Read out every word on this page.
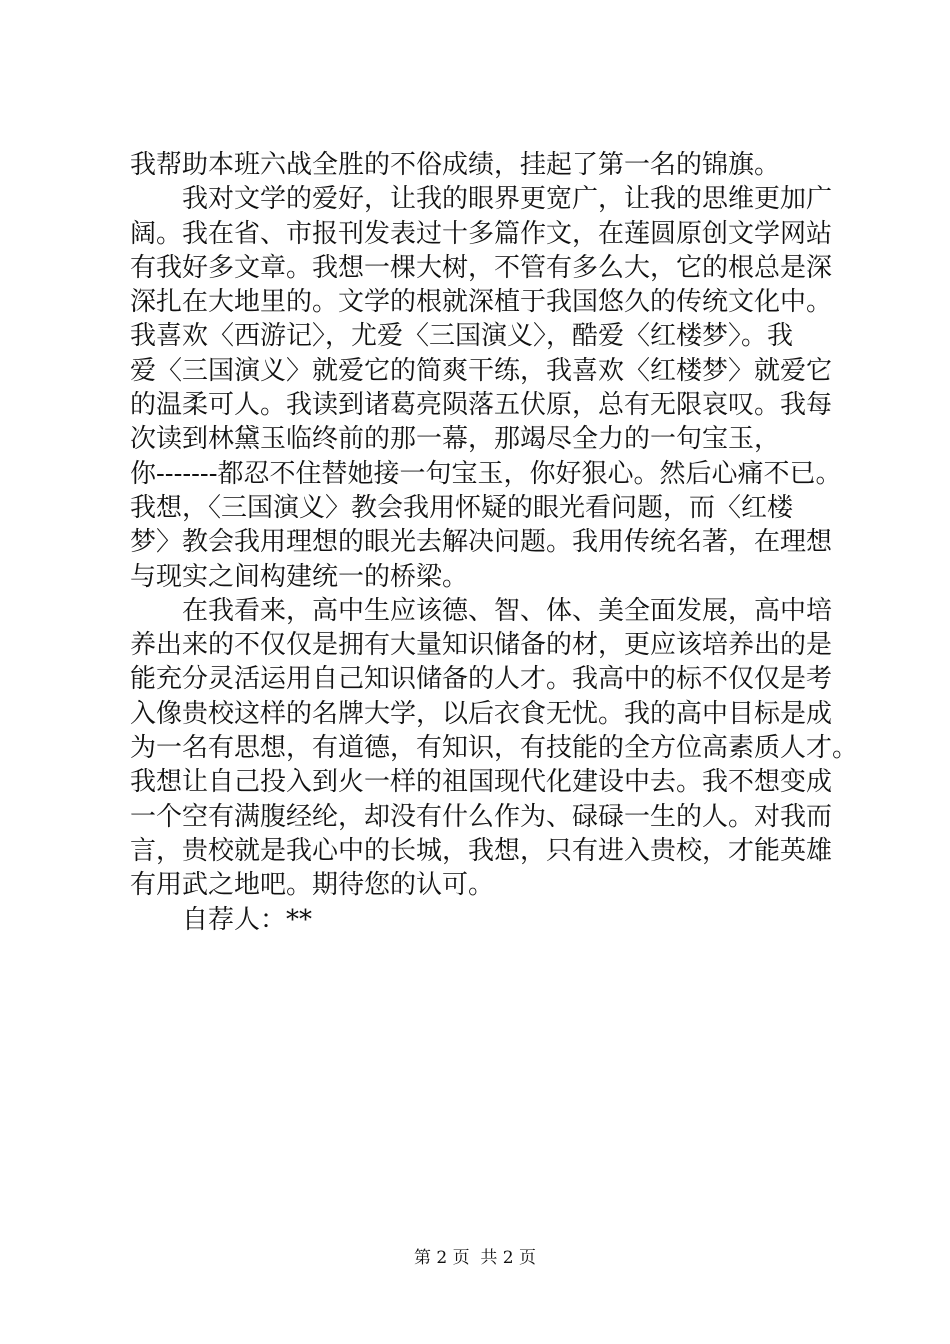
我帮助本班六战全胜的不俗成绩，挂起了第一名的锦旗。
我对文学的爱好，让我的眼界更宽广，让我的思维更加广
阔。我在省、市报刊发表过十多篇作文，在莲圆原创文学网站
有我好多文章。我想一棵大树，不管有多么大，它的根总是深
深扎在大地里的。文学的根就深植于我国悠久的传统文化中。
我喜欢〈西游记〉，尤爱〈三国演义〉，酷爱〈红楼梦〉。我
爱〈三国演义〉就爱它的简爽干练，我喜欢〈红楼梦〉就爱它
的温柔可人。我读到诸葛亮陨落五伏原，总有无限哀叹。我每
次读到林黛玉临终前的那一幕，那竭尽全力的一句宝玉，
你-------都忍不住替她接一句宝玉，你好狠心。然后心痛不已。
我想，〈三国演义〉教会我用怀疑的眼光看问题，而〈红楼
梦〉教会我用理想的眼光去解决问题。我用传统名著，在理想
与现实之间构建统一的桥梁。
在我看来，高中生应该德、智、体、美全面发展，高中培
养出来的不仅仅是拥有大量知识储备的材，更应该培养出的是
能充分灵活运用自己知识储备的人才。我高中的标不仅仅是考
入像贵校这样的名牌大学，以后衣食无忧。我的高中目标是成
为一名有思想，有道德，有知识，有技能的全方位高素质人才。
我想让自己投入到火一样的祖国现代化建设中去。我不想变成
一个空有满腹经纶，却没有什么作为、碌碌一生的人。对我而
言，贵校就是我心中的长城，我想，只有进入贵校，才能英雄
有用武之地吧。期待您的认可。
自荐人：**
第 2 页  共 2 页
